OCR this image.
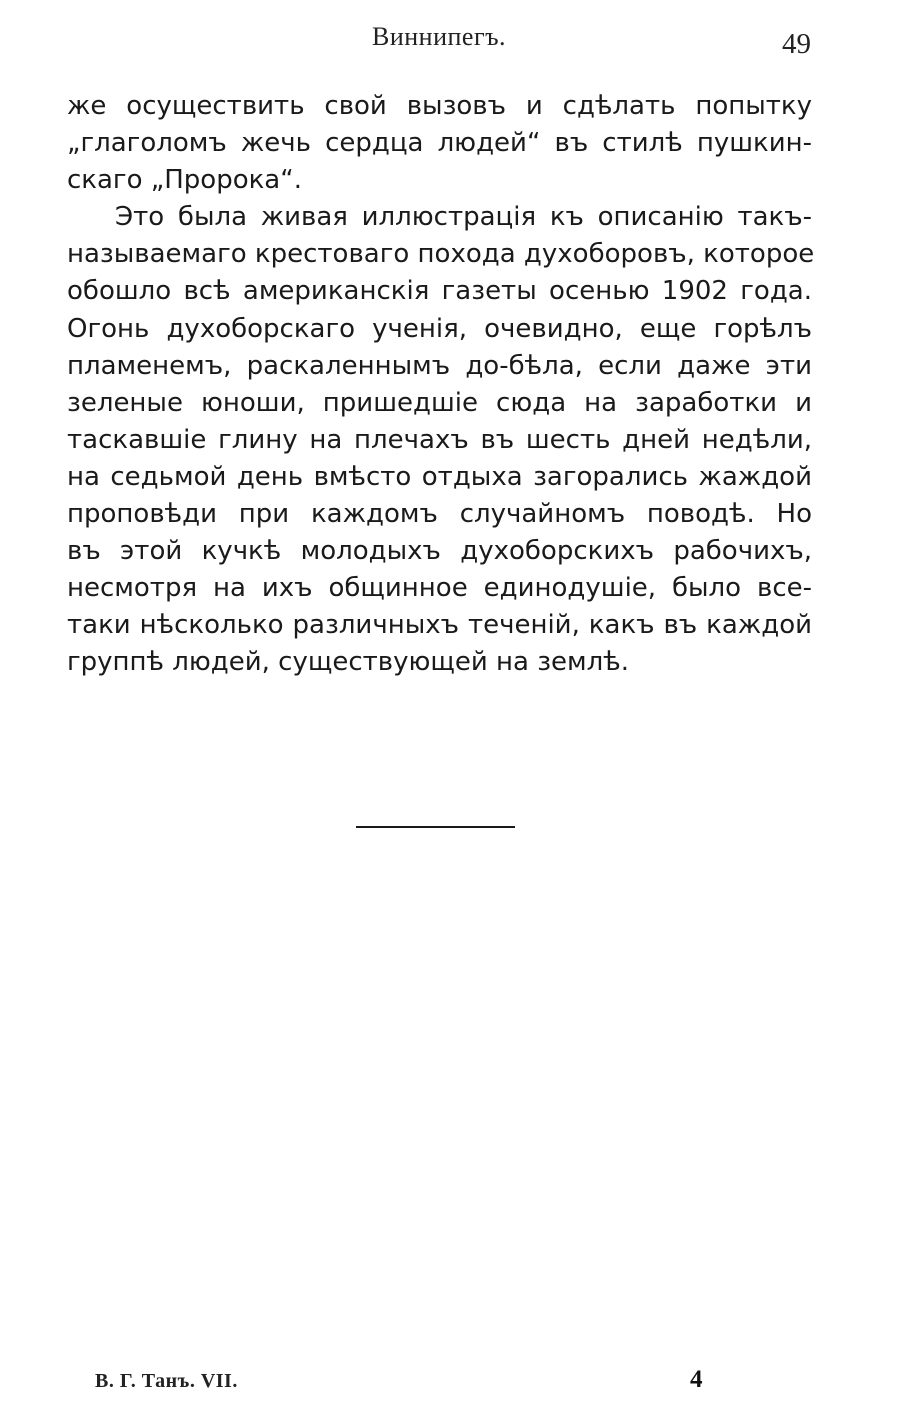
Виннипегъ.	49
же осуществить свой вызовъ и сдѣлать попытку
„глаголомъ жечь сердца людей“ въ стилѣ пушкин-
скаго „Пророка“.
Это была живая иллюстрація къ описанію такъ-
называемаго крестоваго похода духоборовъ, которое
обошло всѣ американскія газеты осенью 1902 года.
Огонь духоборскаго ученія, очевидно, еще горѣлъ
пламенемъ, раскаленнымъ до-бѣла, если даже эти
зеленые юноши, пришедшіе сюда на заработки и
таскавшіе глину на плечахъ въ шесть дней недѣли,
на седьмой день вмѣсто отдыха загорались жаждой
проповѣди при каждомъ случайномъ поводѣ. Но
въ этой кучкѣ молодыхъ духоборскихъ рабочихъ,
несмотря на ихъ общинное единодушіе, было все-
таки нѣсколько различныхъ теченій, какъ въ каждой
группѣ людей, существующей на землѣ.
В. Г. Танъ. VII.	4
